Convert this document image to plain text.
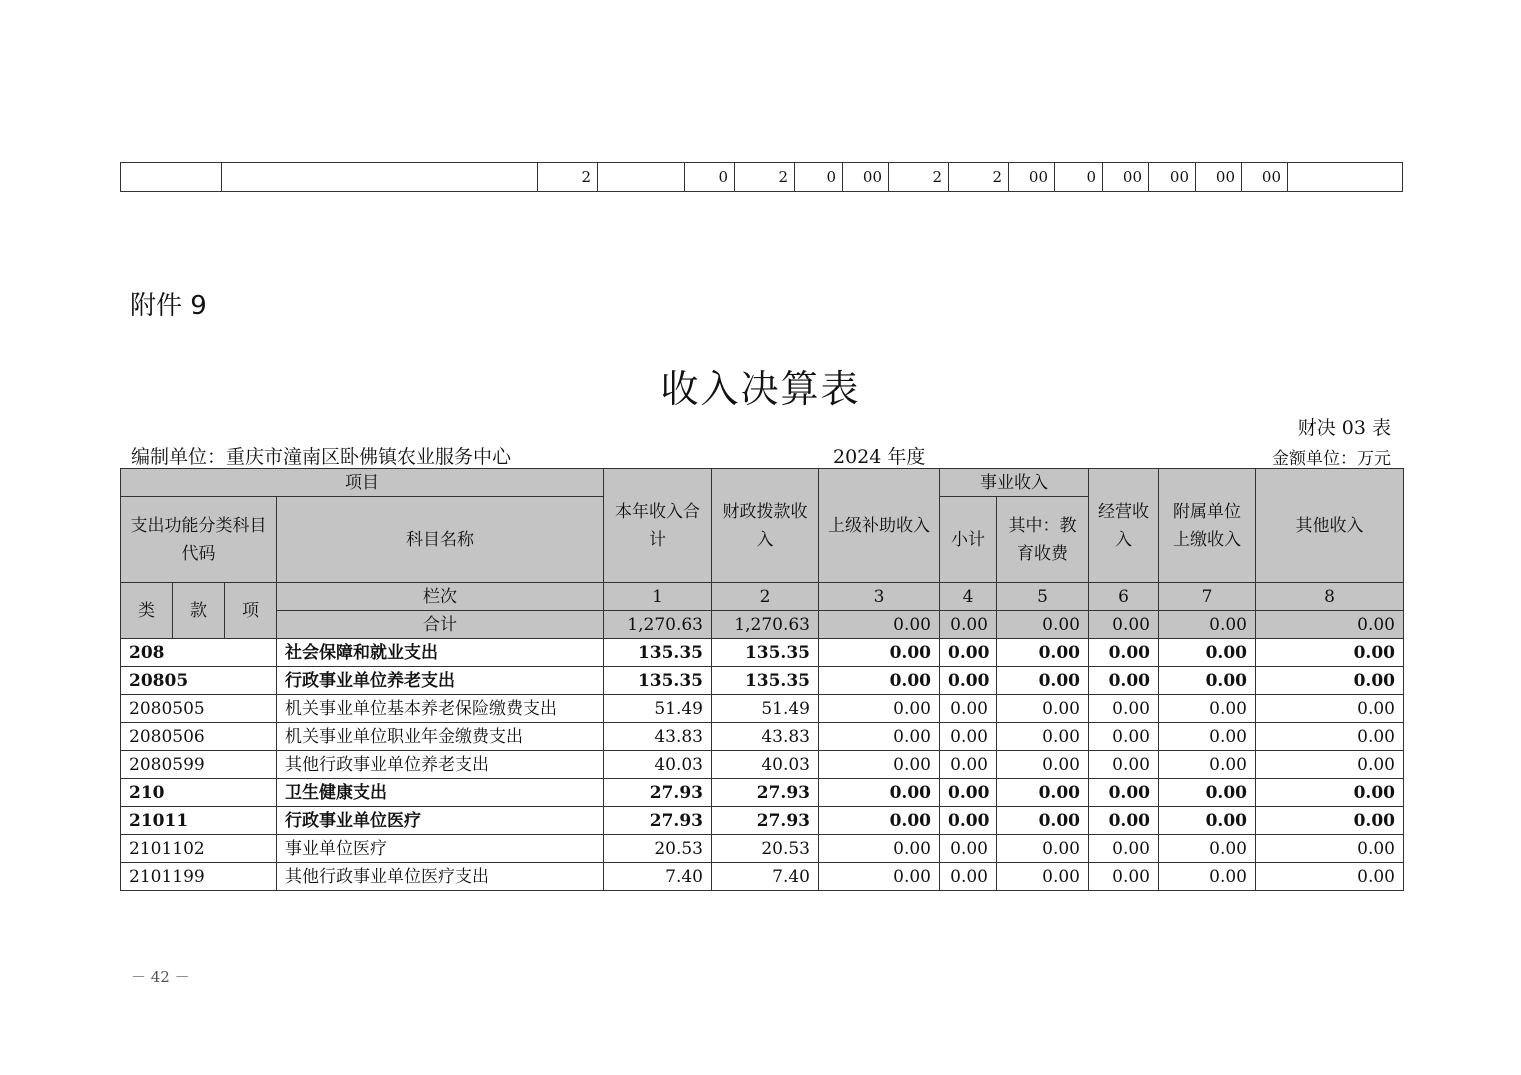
		2		0	2	0	00	2	2	00	0	00	00	00	00	
附件 9
收入决算表
财决 03 表
编制单位：重庆市潼南区卧佛镇农业服务中心	2024 年度	金额单位：万元
项目				本年收入合计	财政拨款收入	上级补助收入	事业收入		经营收入	附属单位上缴收入	其他收入
支出功能分类科目代码			科目名称				小计	其中：教育收费			
类	款	项	栏次	1	2	3	4	5	6	7	8
			合计	1,270.63	1,270.63	0.00	0.00	0.00	0.00	0.00	0.00
208			社会保障和就业支出	135.35	135.35	0.00	0.00	0.00	0.00	0.00	0.00
20805			行政事业单位养老支出	135.35	135.35	0.00	0.00	0.00	0.00	0.00	0.00
2080505			机关事业单位基本养老保险缴费支出	51.49	51.49	0.00	0.00	0.00	0.00	0.00	0.00
2080506			机关事业单位职业年金缴费支出	43.83	43.83	0.00	0.00	0.00	0.00	0.00	0.00
2080599			其他行政事业单位养老支出	40.03	40.03	0.00	0.00	0.00	0.00	0.00	0.00
210			卫生健康支出	27.93	27.93	0.00	0.00	0.00	0.00	0.00	0.00
21011			行政事业单位医疗	27.93	27.93	0.00	0.00	0.00	0.00	0.00	0.00
2101102			事业单位医疗	20.53	20.53	0.00	0.00	0.00	0.00	0.00	0.00
2101199			其他行政事业单位医疗支出	7.40	7.40	0.00	0.00	0.00	0.00	0.00	0.00
－ 42 －
